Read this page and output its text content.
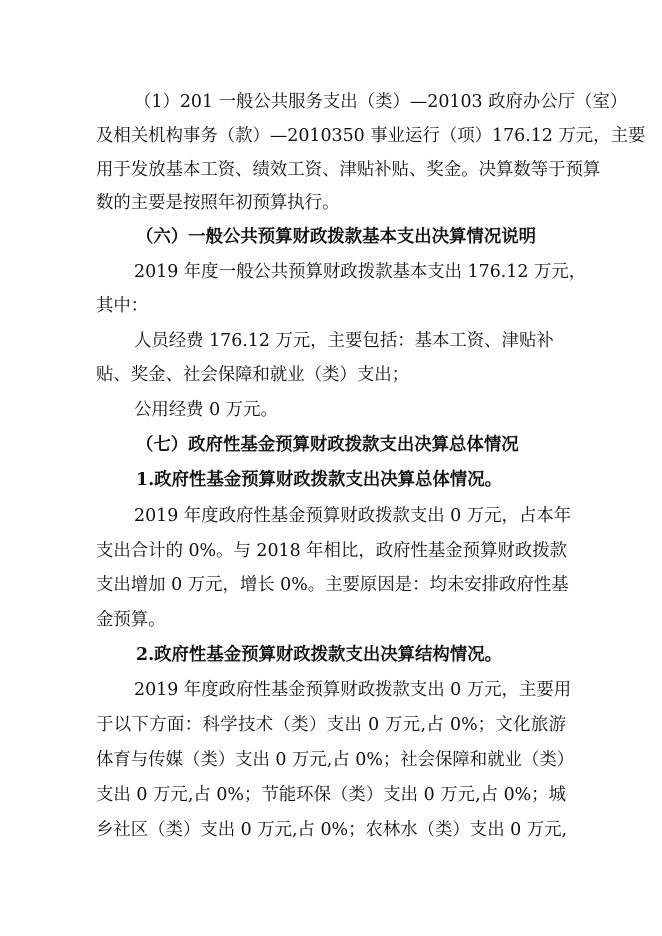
（1）201 一般公共服务支出（类）—20103 政府办公厅（室）
及相关机构事务（款）—2010350 事业运行（项）176.12 万元，主要
用于发放基本工资、绩效工资、津贴补贴、奖金。决算数等于预算
数的主要是按照年初预算执行。
（六）一般公共预算财政拨款基本支出决算情况说明
2019 年度一般公共预算财政拨款基本支出 176.12 万元，
其中：
人员经费 176.12 万元，主要包括：基本工资、津贴补
贴、奖金、社会保障和就业（类）支出；
公用经费 0 万元。
（七）政府性基金预算财政拨款支出决算总体情况
1.政府性基金预算财政拨款支出决算总体情况。
2019 年度政府性基金预算财政拨款支出 0 万元，占本年
支出合计的 0%。与 2018 年相比，政府性基金预算财政拨款
支出增加 0 万元，增长 0%。主要原因是：均未安排政府性基
金预算。
2.政府性基金预算财政拨款支出决算结构情况。
2019 年度政府性基金预算财政拨款支出 0 万元，主要用
于以下方面：科学技术（类）支出 0 万元,占 0%；文化旅游
体育与传媒（类）支出 0 万元,占 0%；社会保障和就业（类）
支出 0 万元,占 0%；节能环保（类）支出 0 万元,占 0%；城
乡社区（类）支出 0 万元,占 0%；农林水（类）支出 0 万元,
